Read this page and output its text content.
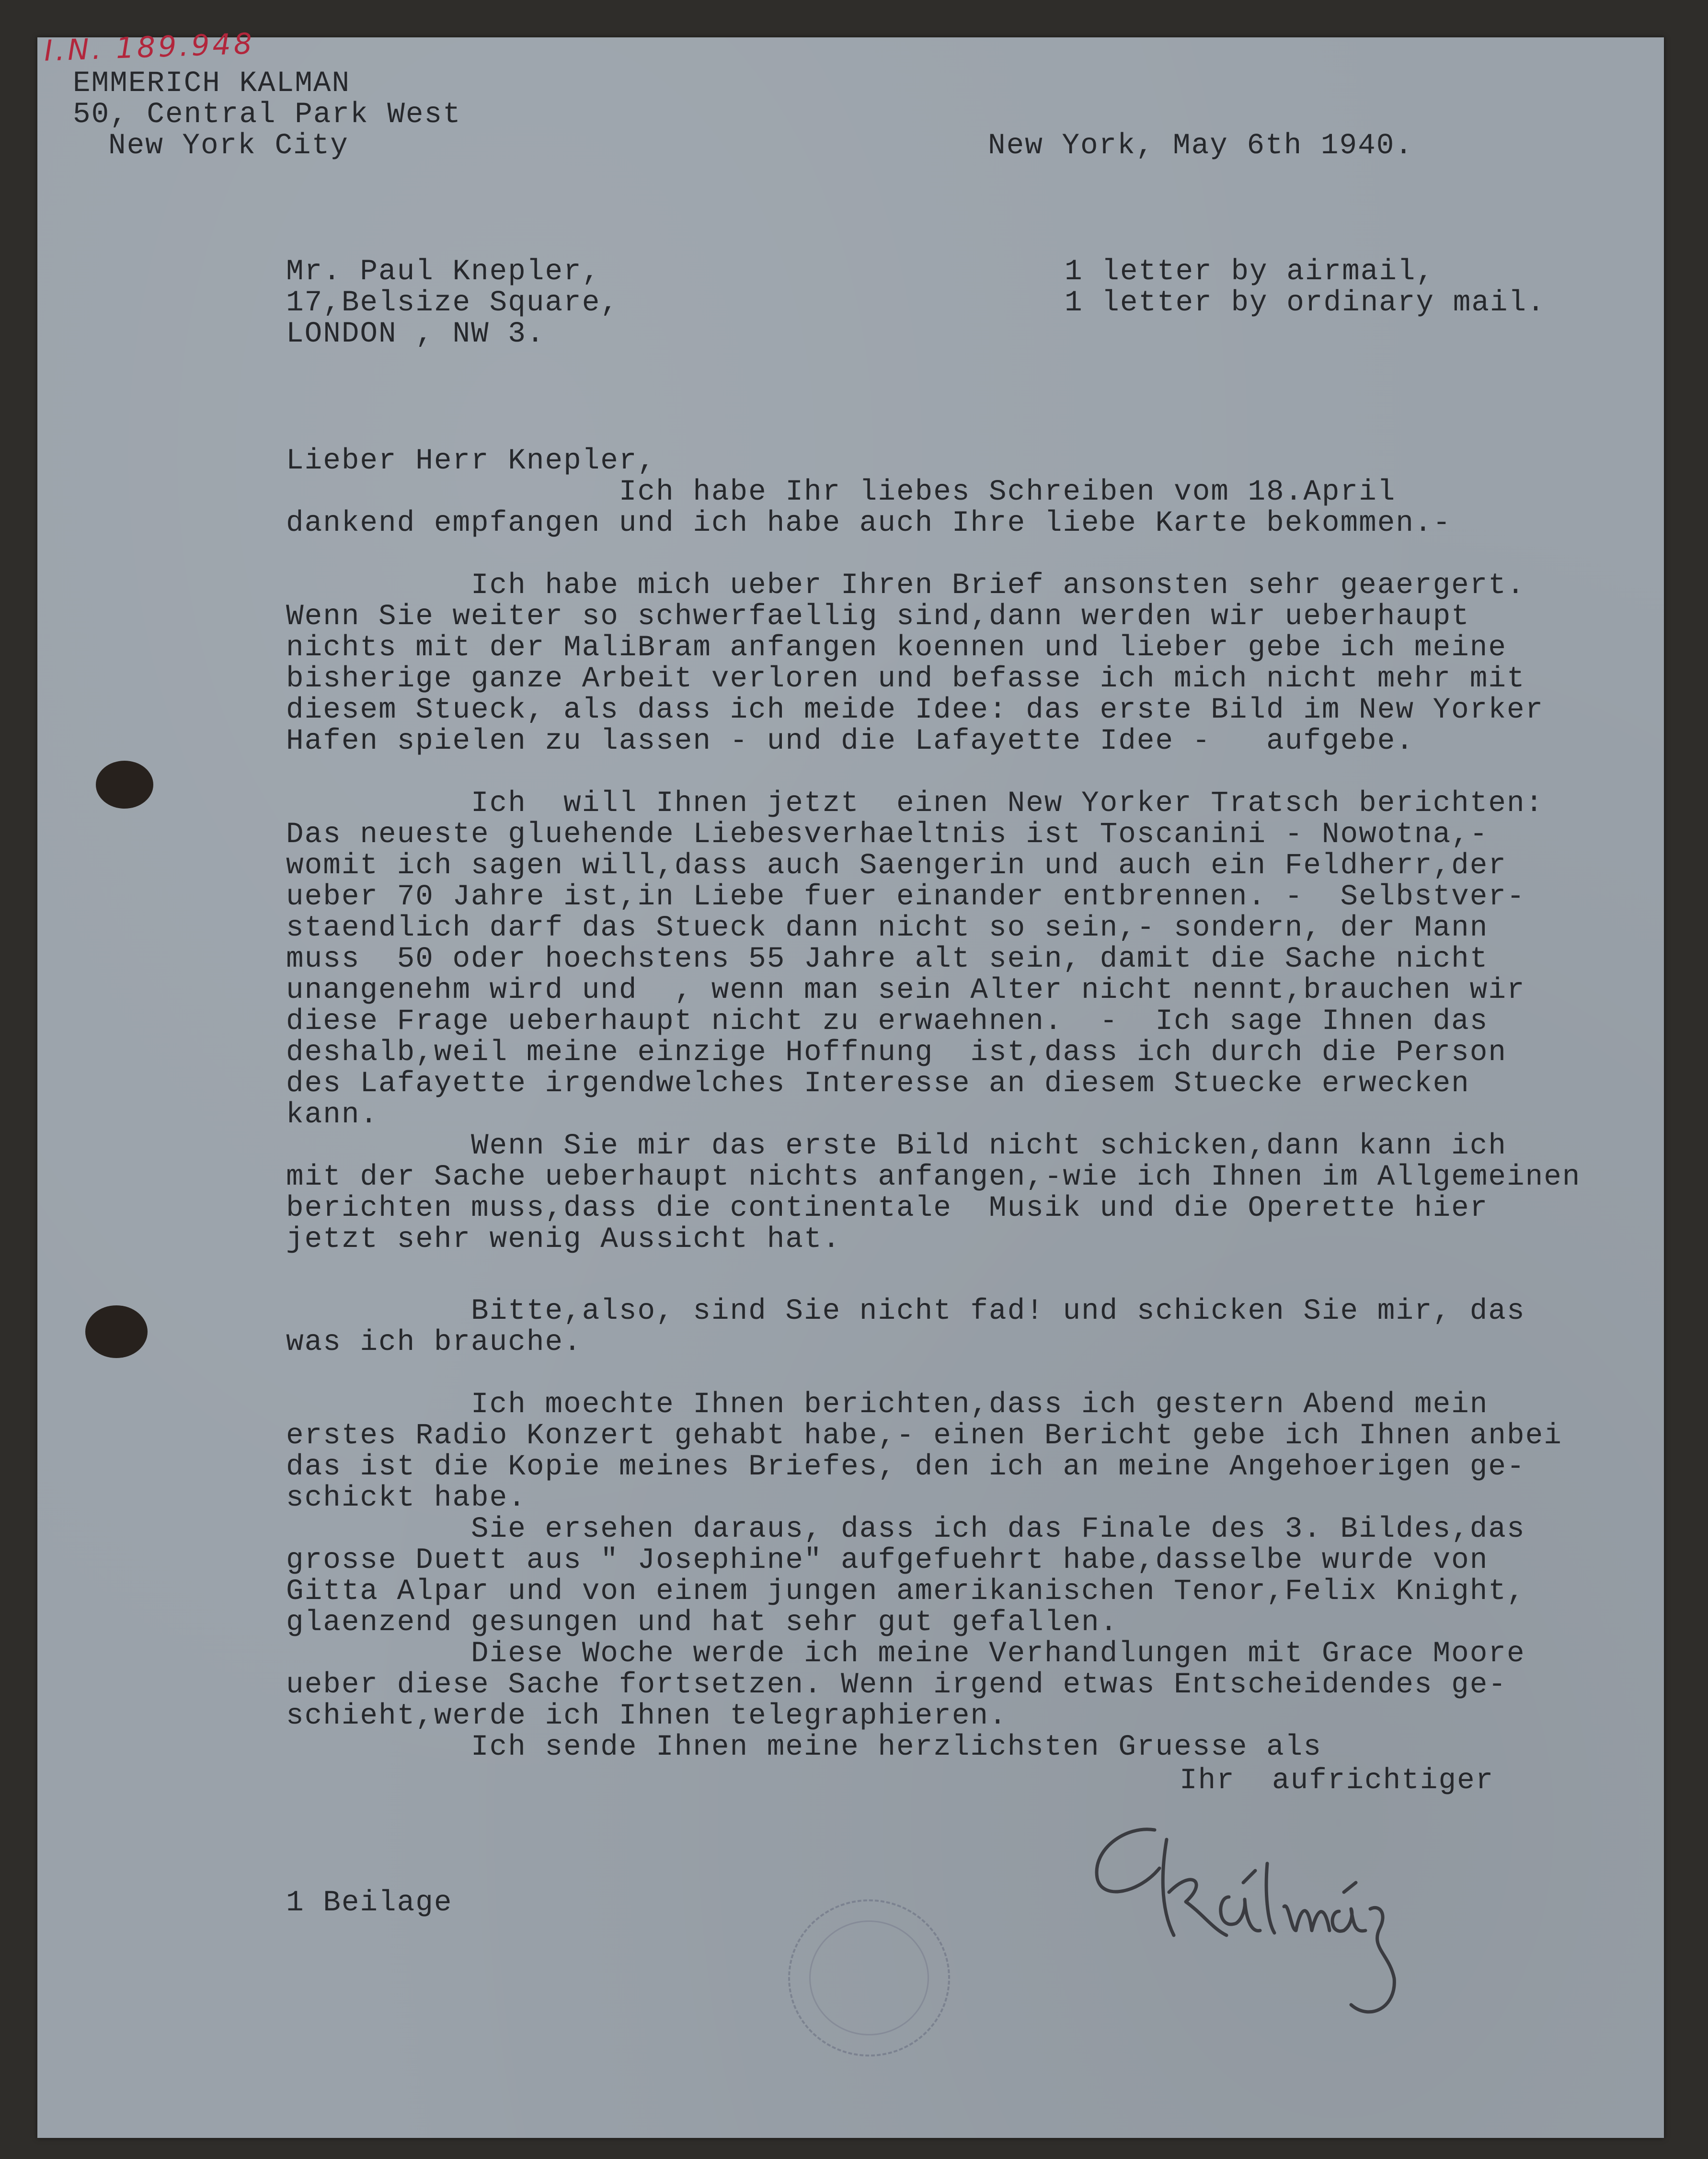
I.N. 189.948
EMMERICH KALMAN
50, Central Park West
New York City	New York, May 6th 1940.
Mr. Paul Knepler,
17,Belsize Square,
LONDON , NW 3.
1 letter by airmail,
1 letter by ordinary mail.
Lieber Herr Knepler,
Ich habe Ihr liebes Schreiben vom 18.April
dankend empfangen und ich habe auch Ihre liebe Karte bekommen.-
Ich habe mich ueber Ihren Brief ansonsten sehr geaergert.
Wenn Sie weiter so schwerfaellig sind,dann werden wir ueberhaupt
nichts mit der MaliBram anfangen koennen und lieber gebe ich meine
bisherige ganze Arbeit verloren und befasse ich mich nicht mehr mit
diesem Stueck, als dass ich meide Idee: das erste Bild im New Yorker
Hafen spielen zu lassen - und die Lafayette Idee -   aufgebe.
Ich  will Ihnen jetzt  einen New Yorker Tratsch berichten:
Das neueste gluehende Liebesverhaeltnis ist Toscanini - Nowotna,-
womit ich sagen will,dass auch Saengerin und auch ein Feldherr,der
ueber 70 Jahre ist,in Liebe fuer einander entbrennen. -  Selbstver-
staendlich darf das Stueck dann nicht so sein,- sondern, der Mann
muss  50 oder hoechstens 55 Jahre alt sein, damit die Sache nicht
unangenehm wird und  , wenn man sein Alter nicht nennt,brauchen wir
diese Frage ueberhaupt nicht zu erwaehnen.  -  Ich sage Ihnen das
deshalb,weil meine einzige Hoffnung  ist,dass ich durch die Person
des Lafayette irgendwelches Interesse an diesem Stuecke erwecken
kann.
Wenn Sie mir das erste Bild nicht schicken,dann kann ich
mit der Sache ueberhaupt nichts anfangen,-wie ich Ihnen im Allgemeinen
berichten muss,dass die continentale  Musik und die Operette hier
jetzt sehr wenig Aussicht hat.
Bitte,also, sind Sie nicht fad! und schicken Sie mir, das
was ich brauche.
Ich moechte Ihnen berichten,dass ich gestern Abend mein
erstes Radio Konzert gehabt habe,- einen Bericht gebe ich Ihnen anbei
das ist die Kopie meines Briefes, den ich an meine Angehoerigen ge-
schickt habe.
Sie ersehen daraus, dass ich das Finale des 3. Bildes,das
grosse Duett aus " Josephine" aufgefuehrt habe,dasselbe wurde von
Gitta Alpar und von einem jungen amerikanischen Tenor,Felix Knight,
glaenzend gesungen und hat sehr gut gefallen.
Diese Woche werde ich meine Verhandlungen mit Grace Moore
ueber diese Sache fortsetzen. Wenn irgend etwas Entscheidendes ge-
schieht,werde ich Ihnen telegraphieren.
Ich sende Ihnen meine herzlichsten Gruesse als
Ihr  aufrichtiger
1 Beilage
